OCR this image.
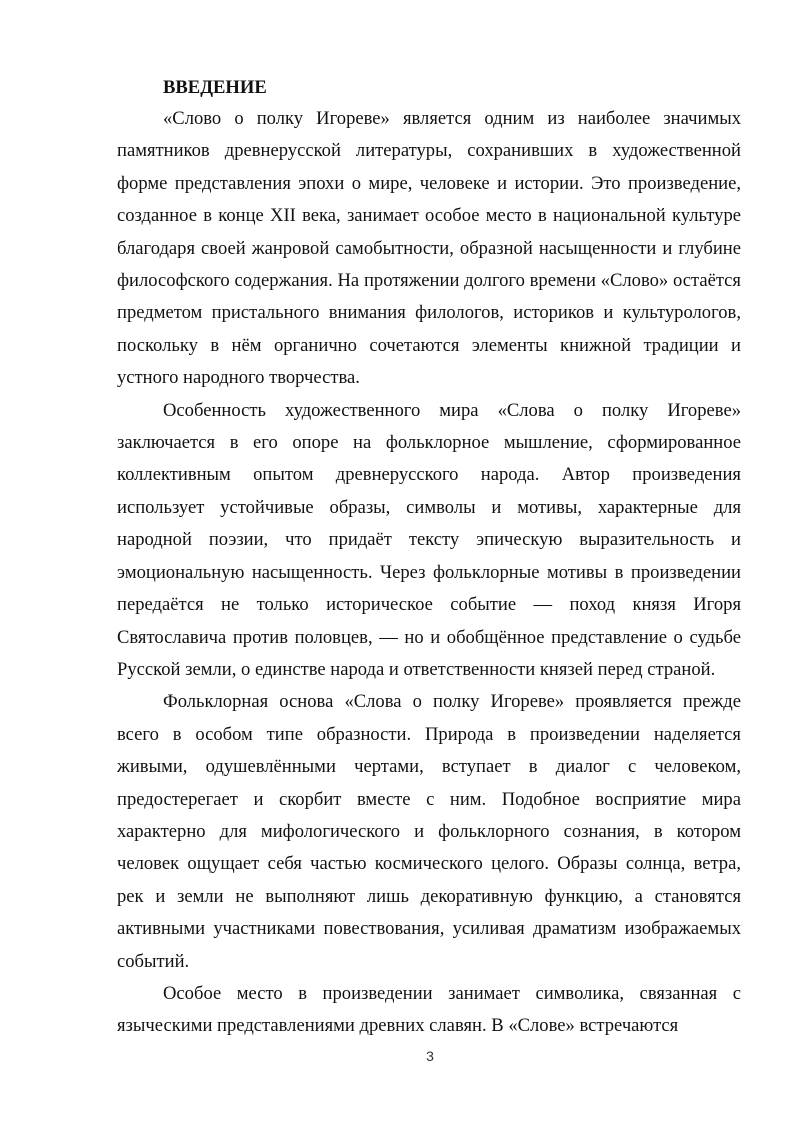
ВВЕДЕНИЕ

«Слово о полку Игореве» является одним из наиболее значимых памятников древнерусской литературы, сохранивших в художественной форме представления эпохи о мире, человеке и истории. Это произведение, созданное в конце XII века, занимает особое место в национальной культуре благодаря своей жанровой самобытности, образной насыщенности и глубине философского содержания. На протяжении долгого времени «Слово» остаётся предметом пристального внимания филологов, историков и культурологов, поскольку в нём органично сочетаются элементы книжной традиции и устного народного творчества.

Особенность художественного мира «Слова о полку Игореве» заключается в его опоре на фольклорное мышление, сформированное коллективным опытом древнерусского народа. Автор произведения использует устойчивые образы, символы и мотивы, характерные для народной поэзии, что придаёт тексту эпическую выразительность и эмоциональную насыщенность. Через фольклорные мотивы в произведении передаётся не только историческое событие — поход князя Игоря Святославича против половцев, — но и обобщённое представление о судьбе Русской земли, о единстве народа и ответственности князей перед страной.

Фольклорная основа «Слова о полку Игореве» проявляется прежде всего в особом типе образности. Природа в произведении наделяется живыми, одушевлёнными чертами, вступает в диалог с человеком, предостерегает и скорбит вместе с ним. Подобное восприятие мира характерно для мифологического и фольклорного сознания, в котором человек ощущает себя частью космического целого. Образы солнца, ветра, рек и земли не выполняют лишь декоративную функцию, а становятся активными участниками повествования, усиливая драматизм изображаемых событий.

Особое место в произведении занимает символика, связанная с языческими представлениями древних славян. В «Слове» встречаются

3
